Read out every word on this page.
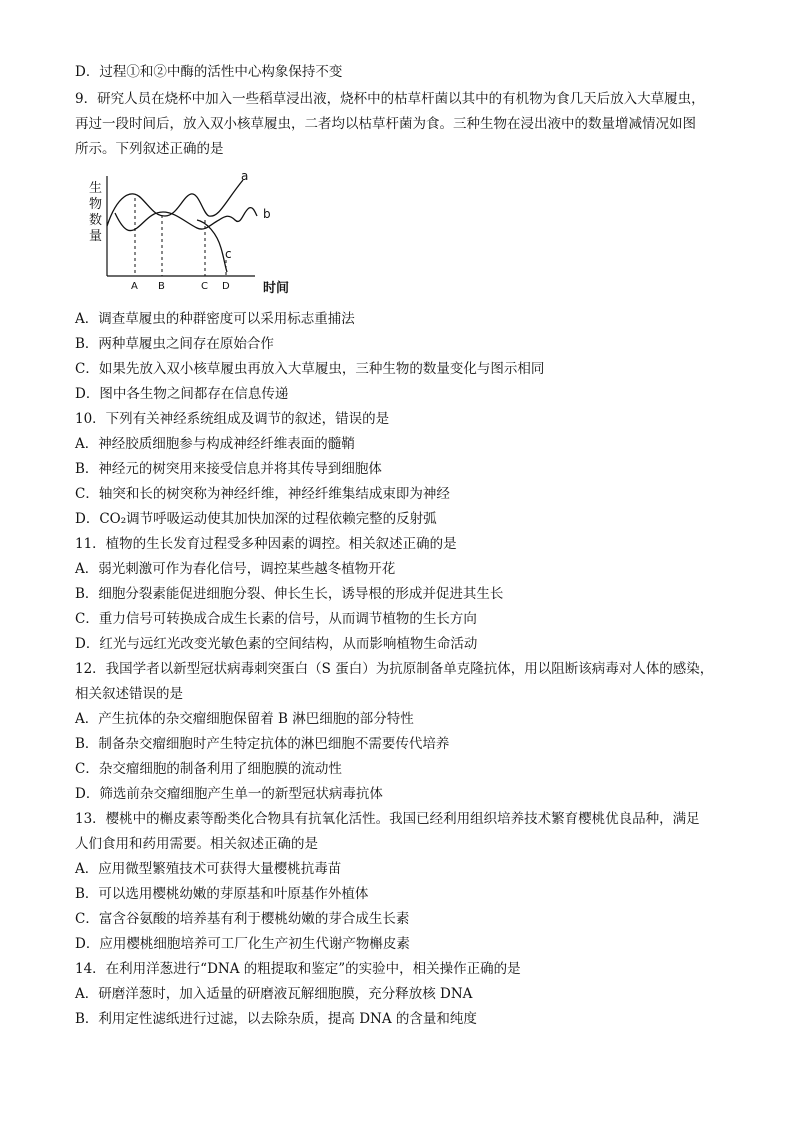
D．过程①和②中酶的活性中心构象保持不变
9．研究人员在烧杯中加入一些稻草浸出液，烧杯中的枯草杆菌以其中的有机物为食几天后放入大草履虫，
再过一段时间后，放入双小核草履虫，二者均以枯草杆菌为食。三种生物在浸出液中的数量增减情况如图
所示。下列叙述正确的是
生
物
数
量
a
b
c
A B	C D	时间
A．调查草履虫的种群密度可以采用标志重捕法
B．两种草履虫之间存在原始合作
C．如果先放入双小核草履虫再放入大草履虫，三种生物的数量变化与图示相同
D．图中各生物之间都存在信息传递
10．下列有关神经系统组成及调节的叙述，错误的是
A．神经胶质细胞参与构成神经纤维表面的髓鞘
B．神经元的树突用来接受信息并将其传导到细胞体
C．轴突和长的树突称为神经纤维，神经纤维集结成束即为神经
D．CO₂调节呼吸运动使其加快加深的过程依赖完整的反射弧
11．植物的生长发育过程受多种因素的调控。相关叙述正确的是
A．弱光刺激可作为春化信号，调控某些越冬植物开花
B．细胞分裂素能促进细胞分裂、伸长生长，诱导根的形成并促进其生长
C．重力信号可转换成合成生长素的信号，从而调节植物的生长方向
D．红光与远红光改变光敏色素的空间结构，从而影响植物生命活动
12．我国学者以新型冠状病毒刺突蛋白（S 蛋白）为抗原制备单克隆抗体，用以阻断该病毒对人体的感染，
相关叙述错误的是
A．产生抗体的杂交瘤细胞保留着 B 淋巴细胞的部分特性
B．制备杂交瘤细胞时产生特定抗体的淋巴细胞不需要传代培养
C．杂交瘤细胞的制备利用了细胞膜的流动性
D．筛选前杂交瘤细胞产生单一的新型冠状病毒抗体
13．樱桃中的槲皮素等酚类化合物具有抗氧化活性。我国已经利用组织培养技术繁育樱桃优良品种，满足
人们食用和药用需要。相关叙述正确的是
A．应用微型繁殖技术可获得大量樱桃抗毒苗
B．可以选用樱桃幼嫩的芽原基和叶原基作外植体
C．富含谷氨酸的培养基有利于樱桃幼嫩的芽合成生长素
D．应用樱桃细胞培养可工厂化生产初生代谢产物槲皮素
14．在利用洋葱进行“DNA 的粗提取和鉴定”的实验中，相关操作正确的是
A．研磨洋葱时，加入适量的研磨液瓦解细胞膜，充分释放核 DNA
B．利用定性滤纸进行过滤，以去除杂质，提高 DNA 的含量和纯度
